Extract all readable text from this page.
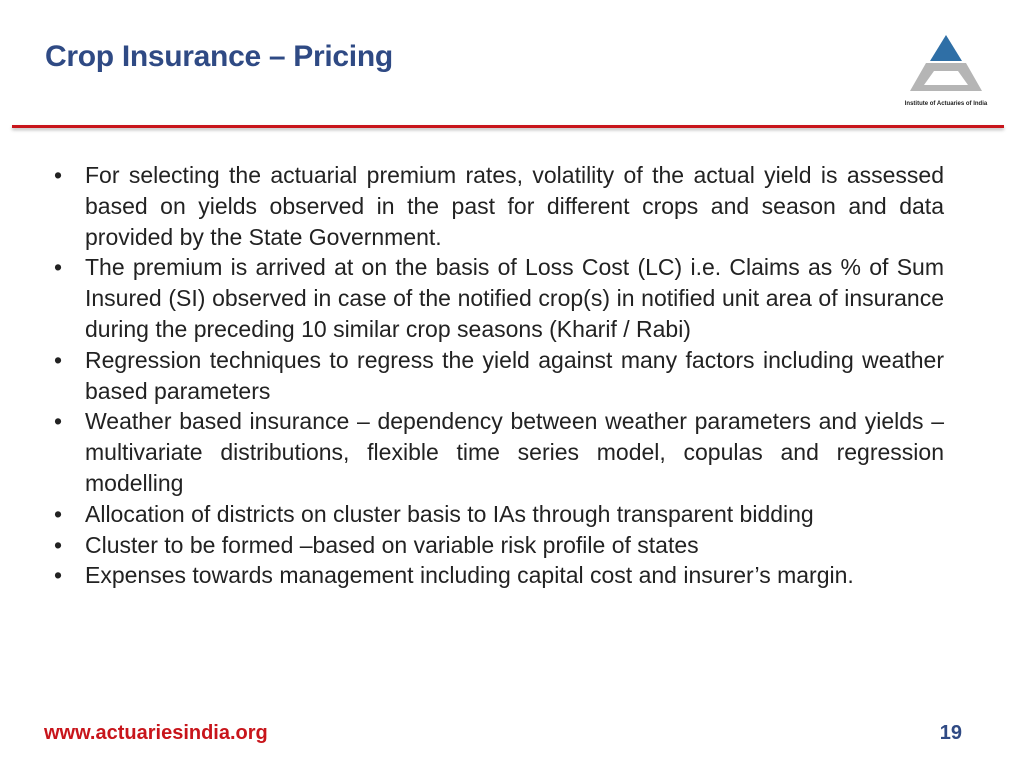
Crop Insurance – Pricing
Institute of Actuaries of India
• For selecting the actuarial premium rates, volatility of the actual yield is assessed based on yields observed in the past for different crops and season and data provided by the State Government.
• The premium is arrived at on the basis of Loss Cost (LC) i.e. Claims as % of Sum Insured (SI) observed in case of the notified crop(s) in notified unit area of insurance during the preceding 10 similar crop seasons (Kharif / Rabi)
• Regression techniques to regress the yield against many factors including weather based parameters
• Weather based insurance – dependency between weather parameters and yields – multivariate distributions, flexible time series model, copulas and regression modelling
• Allocation of districts on cluster basis to IAs through transparent bidding
• Cluster to be formed –based on variable risk profile of states
• Expenses towards management including capital cost and insurer’s margin.
www.actuariesindia.org	19
